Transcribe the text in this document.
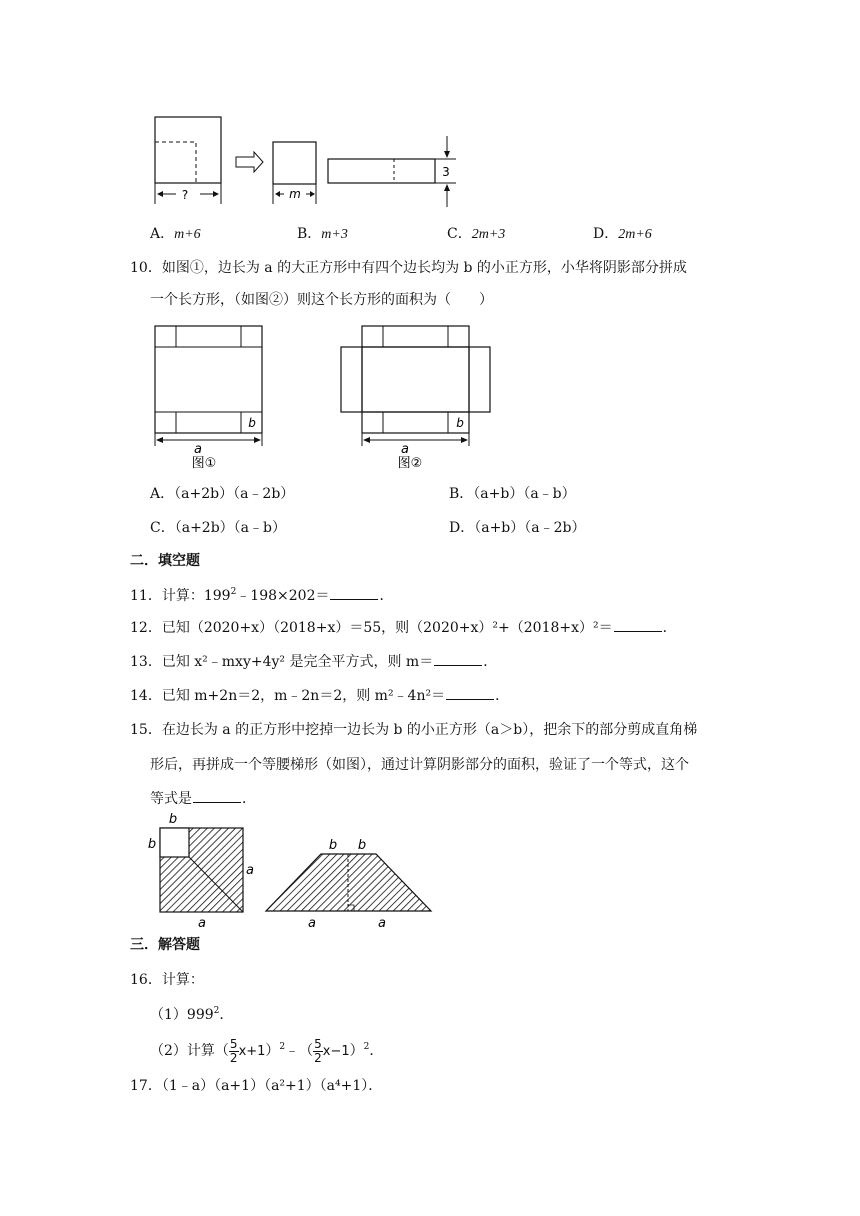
?	m
3
A．m+6	B．m+3	C．2m+3	D．2m+6
10．如图①，边长为 a 的大正方形中有四个边长均为 b 的小正方形，小华将阴影部分拼成
一个长方形，（如图②）则这个长方形的面积为（　　）
a
b
图①
a
b
图②
A．（a+2b）（a﹣2b）	B．（a+b）（a﹣b）
C．（a+2b）（a﹣b）	D．（a+b）（a﹣2b）
二．填空题
11．计算：$199^2﹣198\times 202=$	．
12．已知（2020+x）（2018+x）＝55，则（2020+x）²+（2018+x）²＝	．
13．已知 x²﹣mxy+4y² 是完全平方式，则 m＝	．
14．已知 m+2n＝2，m﹣2n＝2，则 m²﹣4n²＝	．
15．在边长为 a 的正方形中挖掉一边长为 b 的小正方形（a＞b），把余下的部分剪成直角梯
形后，再拼成一个等腰梯形（如图），通过计算阴影部分的面积，验证了一个等式，这个
等式是	．
b
b
a
a
b b
a	a
三．解答题
16．计算：
$(1)999^2$．
（2）计算（ $\frac{5}{2}$ x+1）$^2$﹣（ $\frac{5}{2} x-1)^2$．
17．（1﹣a）（a+1）（a²+1）（a⁴+1）．
